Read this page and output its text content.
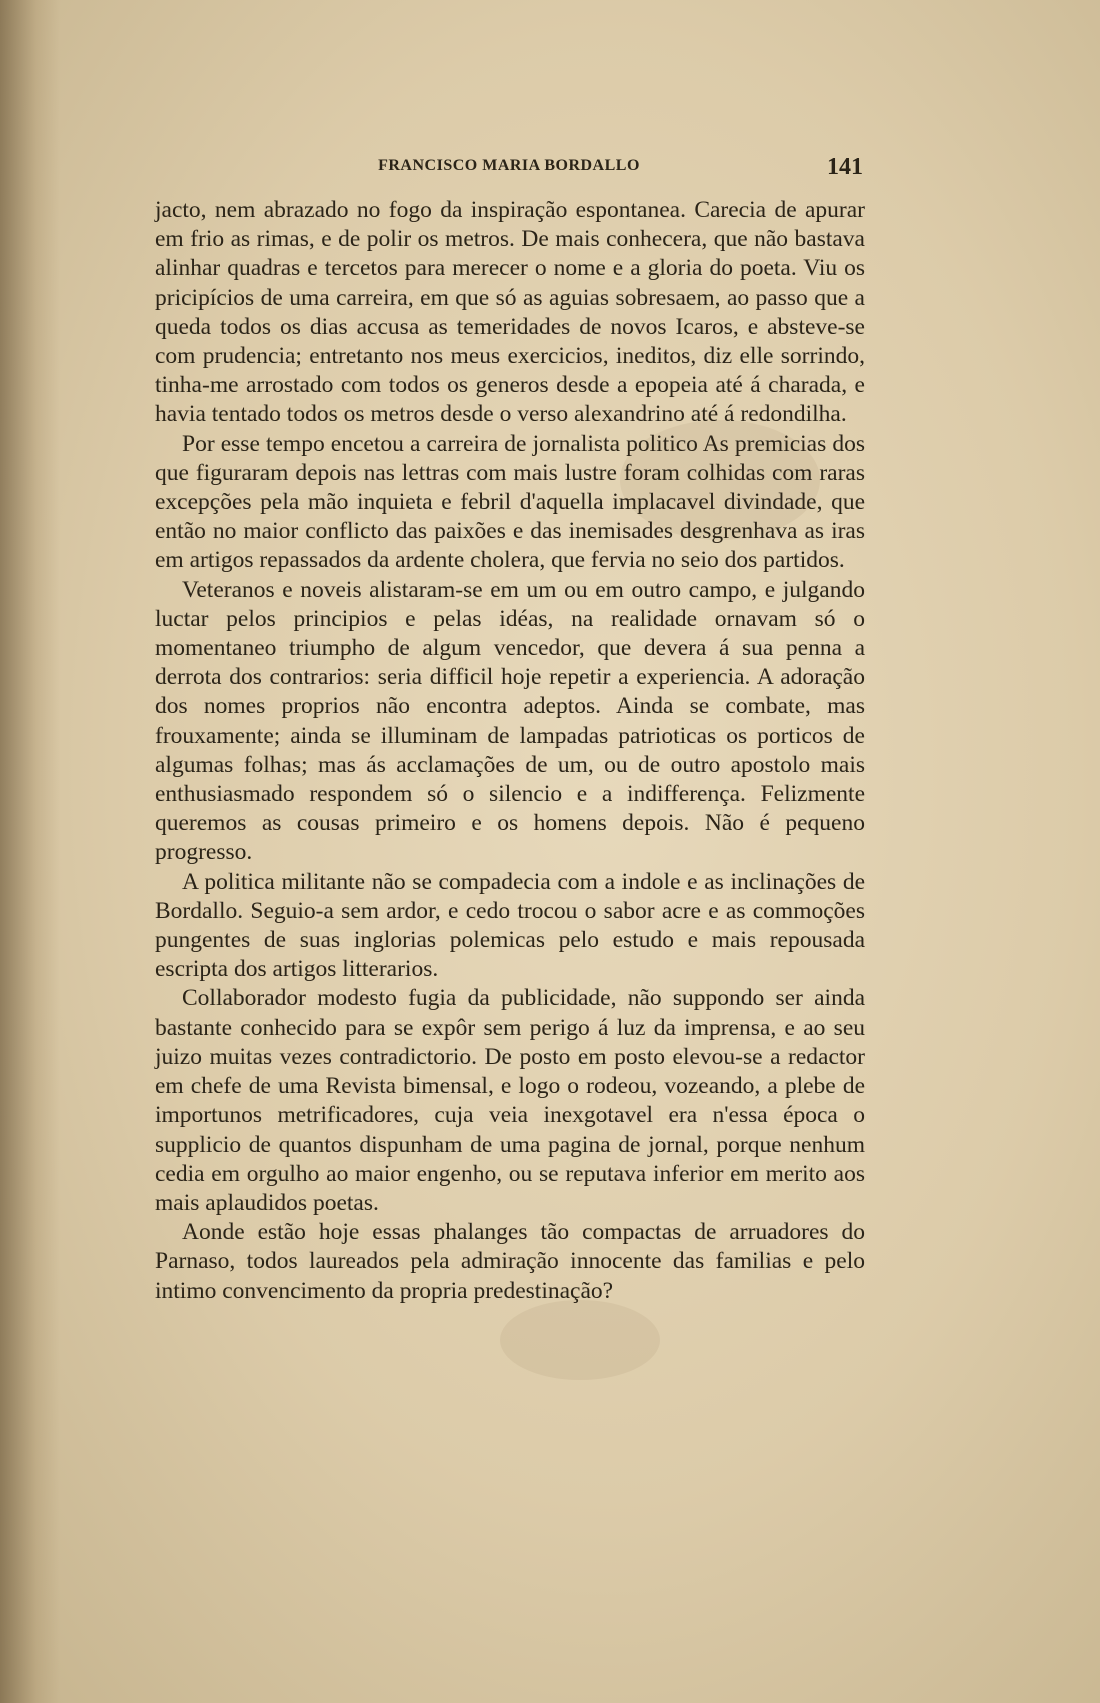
FRANCISCO MARIA BORDALLO	141

jacto, nem abrazado no fogo da inspiração espontanea. Carecia de apurar em frio as rimas, e de polir os metros. De mais conhecera, que não bastava alinhar quadras e tercetos para merecer o nome e a gloria do poeta. Viu os pricipícios de uma carreira, em que só as aguias sobresaem, ao passo que a queda todos os dias accusa as temeridades de novos Icaros, e absteve-se com prudencia; entretanto nos meus exercicios, ineditos, diz elle sorrindo, tinha-me arrostado com todos os generos desde a epopeia até á charada, e havia tentado todos os metros desde o verso alexandrino até á redondilha.

Por esse tempo encetou a carreira de jornalista politico As premicias dos que figuraram depois nas lettras com mais lustre foram colhidas com raras excepções pela mão inquieta e febril d'aquella implacavel divindade, que então no maior conflicto das paixões e das inemisades desgrenhava as iras em artigos repassados da ardente cholera, que fervia no seio dos partidos.

Veteranos e noveis alistaram-se em um ou em outro campo, e julgando luctar pelos principios e pelas idéas, na realidade ornavam só o momentaneo triumpho de algum vencedor, que devera á sua penna a derrota dos contrarios: seria difficil hoje repetir a experiencia. A adoração dos nomes proprios não encontra adeptos. Ainda se combate, mas frouxamente; ainda se illuminam de lampadas patrioticas os porticos de algumas folhas; mas ás acclamações de um, ou de outro apostolo mais enthusiasmado respondem só o silencio e a indifferença. Felizmente queremos as cousas primeiro e os homens depois. Não é pequeno progresso.

A politica militante não se compadecia com a indole e as inclinações de Bordallo. Seguio-a sem ardor, e cedo trocou o sabor acre e as commoções pungentes de suas inglorias polemicas pelo estudo e mais repousada escripta dos artigos litterarios.

Collaborador modesto fugia da publicidade, não suppondo ser ainda bastante conhecido para se expôr sem perigo á luz da imprensa, e ao seu juizo muitas vezes contradictorio. De posto em posto elevou-se a redactor em chefe de uma Revista bimensal, e logo o rodeou, vozeando, a plebe de importunos metrificadores, cuja veia inexgotavel era n'essa época o supplicio de quantos dispunham de uma pagina de jornal, porque nenhum cedia em orgulho ao maior engenho, ou se reputava inferior em merito aos mais aplaudidos poetas.

Aonde estão hoje essas phalanges tão compactas de arruadores do Parnaso, todos laureados pela admiração innocente das familias e pelo intimo convencimento da propria predestinação?
